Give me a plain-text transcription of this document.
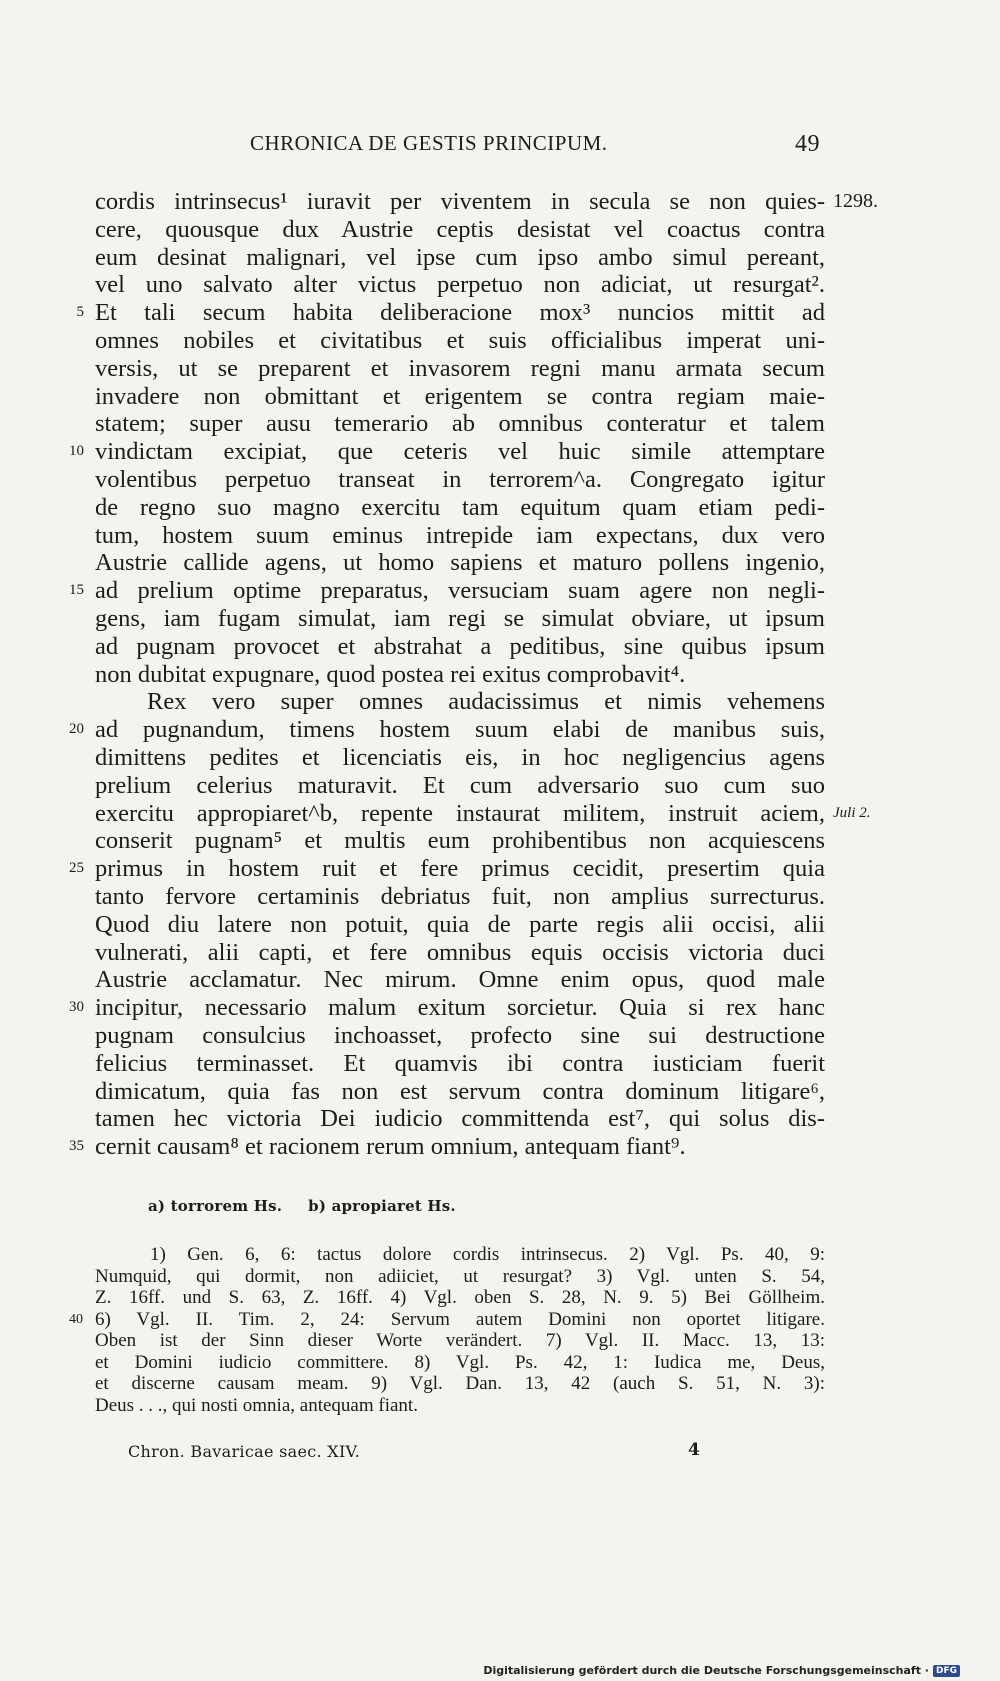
CHRONICA DE GESTIS PRINCIPUM.	49
cordis intrinsecus¹ iuravit per viventem in secula se non quies- 1298.
cere, quousque dux Austrie ceptis desistat vel coactus contra
eum desinat malignari, vel ipse cum ipso ambo simul pereant,
vel uno salvato alter victus perpetuo non adiciat, ut resurgat².
5 Et tali secum habita deliberacione mox³ nuncios mittit ad
omnes nobiles et civitatibus et suis officialibus imperat uni-
versis, ut se preparent et invasorem regni manu armata secum
invadere non obmittant et erigentem se contra regiam maie-
statem; super ausu temerario ab omnibus conteratur et talem
10 vindictam excipiat, que ceteris vel huic simile attemptare
volentibus perpetuo transeat in terrorem^a. Congregato igitur
de regno suo magno exercitu tam equitum quam etiam pedi-
tum, hostem suum eminus intrepide iam expectans, dux vero
Austrie callide agens, ut homo sapiens et maturo pollens ingenio,
15 ad prelium optime preparatus, versuciam suam agere non negli-
gens, iam fugam simulat, iam regi se simulat obviare, ut ipsum
ad pugnam provocet et abstrahat a peditibus, sine quibus ipsum
non dubitat expugnare, quod postea rei exitus comprobavit⁴.
Rex vero super omnes audacissimus et nimis vehemens
20 ad pugnandum, timens hostem suum elabi de manibus suis,
dimittens pedites et licenciatis eis, in hoc negligencius agens
prelium celerius maturavit. Et cum adversario suo cum suo
exercitu appropiaret^b, repente instaurat militem, instruit aciem, Juli 2.
conserit pugnam⁵ et multis eum prohibentibus non acquiescens
25 primus in hostem ruit et fere primus cecidit, presertim quia
tanto fervore certaminis debriatus fuit, non amplius surrecturus.
Quod diu latere non potuit, quia de parte regis alii occisi, alii
vulnerati, alii capti, et fere omnibus equis occisis victoria duci
Austrie acclamatur. Nec mirum. Omne enim opus, quod male
30 incipitur, necessario malum exitum sorcietur. Quia si rex hanc
pugnam consulcius inchoasset, profecto sine sui destructione
felicius terminasset. Et quamvis ibi contra iusticiam fuerit
dimicatum, quia fas non est servum contra dominum litigare⁶,
tamen hec victoria Dei iudicio committenda est⁷, qui solus dis-
35 cernit causam⁸ et racionem rerum omnium, antequam fiant⁹.
a) torrorem Hs. b) apropiaret Hs.
1) Gen. 6, 6: tactus dolore cordis intrinsecus. 2) Vgl. Ps. 40, 9:
Numquid, qui dormit, non adiiciet, ut resurgat? 3) Vgl. unten S. 54,
Z. 16ff. und S. 63, Z. 16ff. 4) Vgl. oben S. 28, N. 9. 5) Bei Göllheim.
40 6) Vgl. II. Tim. 2, 24: Servum autem Domini non oportet litigare.
Oben ist der Sinn dieser Worte verändert. 7) Vgl. II. Macc. 13, 13:
et Domini iudicio committere. 8) Vgl. Ps. 42, 1: Iudica me, Deus,
et discerne causam meam. 9) Vgl. Dan. 13, 42 (auch S. 51, N. 3):
Deus . . ., qui nosti omnia, antequam fiant.
Chron. Bavaricae saec. XIV.	4
Digitalisierung gefördert durch die Deutsche Forschungsgemeinschaft · DFG
